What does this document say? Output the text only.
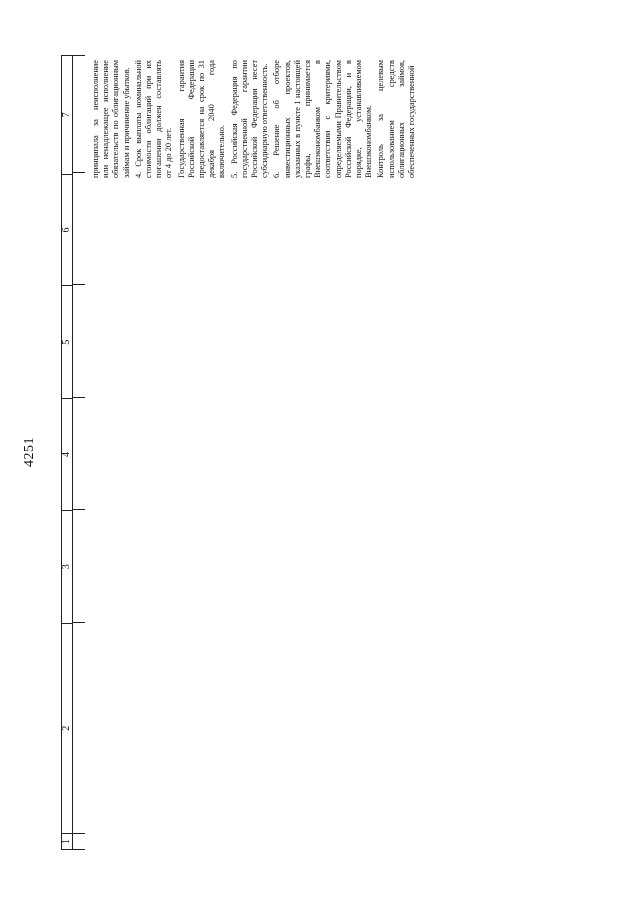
4251
1
2
3
4
5
6
7 принципала за неисполнение или ненадлежащее исполнение обязательств по облигационным займам и причинение убытков. 4. Срок выплаты номинальной стоимости облигаций при их погашении должен составлять от 4 до 20 лет. Государственная гарантия Российской Федерации предоставляется на срок по 31 декабря 2040 года включительно. 5. Российская Федерация по государственной гарантии Российской Федерации несет субсидиарную ответственность. 6. Решение об отборе инвестиционных проектов, указанных в пункте 1 настоящей графы, принимается Внешэкономбанком в соответствии с критериями, определяемыми Правительством Российской Федерации, и в порядке, устанавливаемом Внешэкономбанком. Контроль за целевым использованием средств облигационных займов, обеспеченных государственной
